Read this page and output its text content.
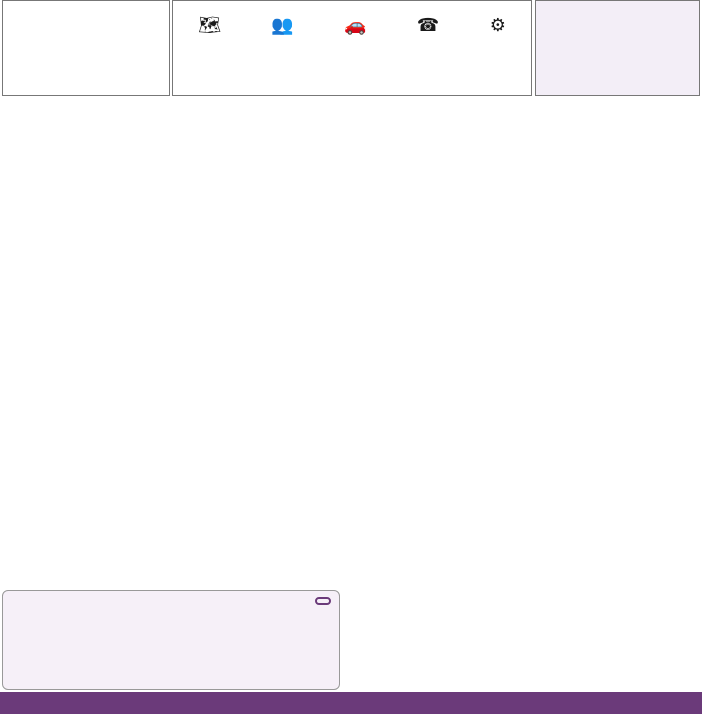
⚙
☎
🚗
👥
🗺
